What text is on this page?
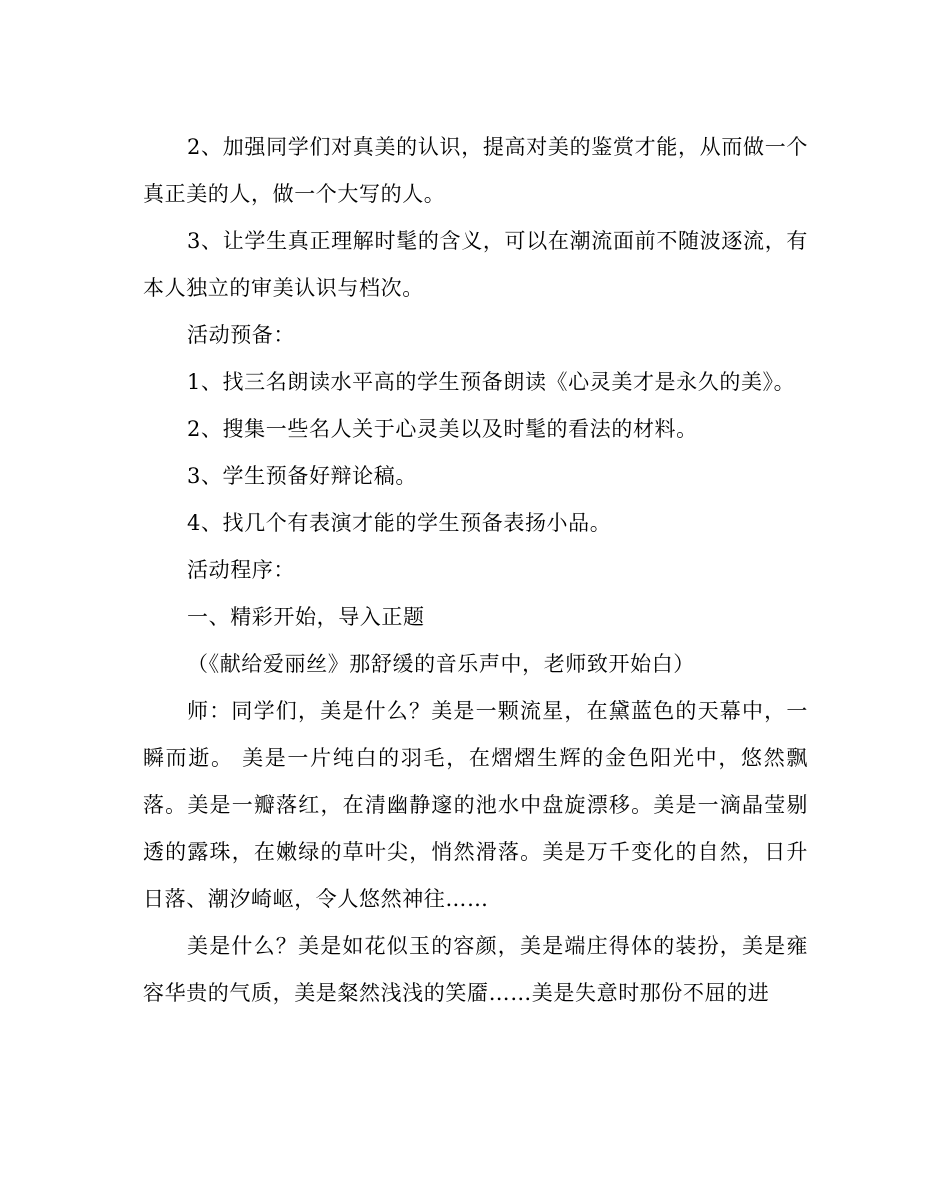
2、加强同学们对真美的认识，提高对美的鉴赏才能，从而做一个真正美的人，做一个大写的人。

3、让学生真正理解时髦的含义，可以在潮流面前不随波逐流，有本人独立的审美认识与档次。

活动预备：

1、找三名朗读水平高的学生预备朗读《心灵美才是永久的美》。

2、搜集一些名人关于心灵美以及时髦的看法的材料。

3、学生预备好辩论稿。

4、找几个有表演才能的学生预备表扬小品。

活动程序：

一、精彩开始，导入正题

（《献给爱丽丝》那舒缓的音乐声中，老师致开始白）

师：同学们，美是什么？美是一颗流星，在黛蓝色的天幕中，一瞬而逝。 美是一片纯白的羽毛，在熠熠生辉的金色阳光中，悠然飘落。美是一瓣落红，在清幽静邃的池水中盘旋漂移。美是一滴晶莹剔透的露珠，在嫩绿的草叶尖，悄然滑落。美是万千变化的自然，日升日落、潮汐崎岖，令人悠然神往……

美是什么？美是如花似玉的容颜，美是端庄得体的装扮，美是雍容华贵的气质，美是粲然浅浅的笑靥……美是失意时那份不屈的进
